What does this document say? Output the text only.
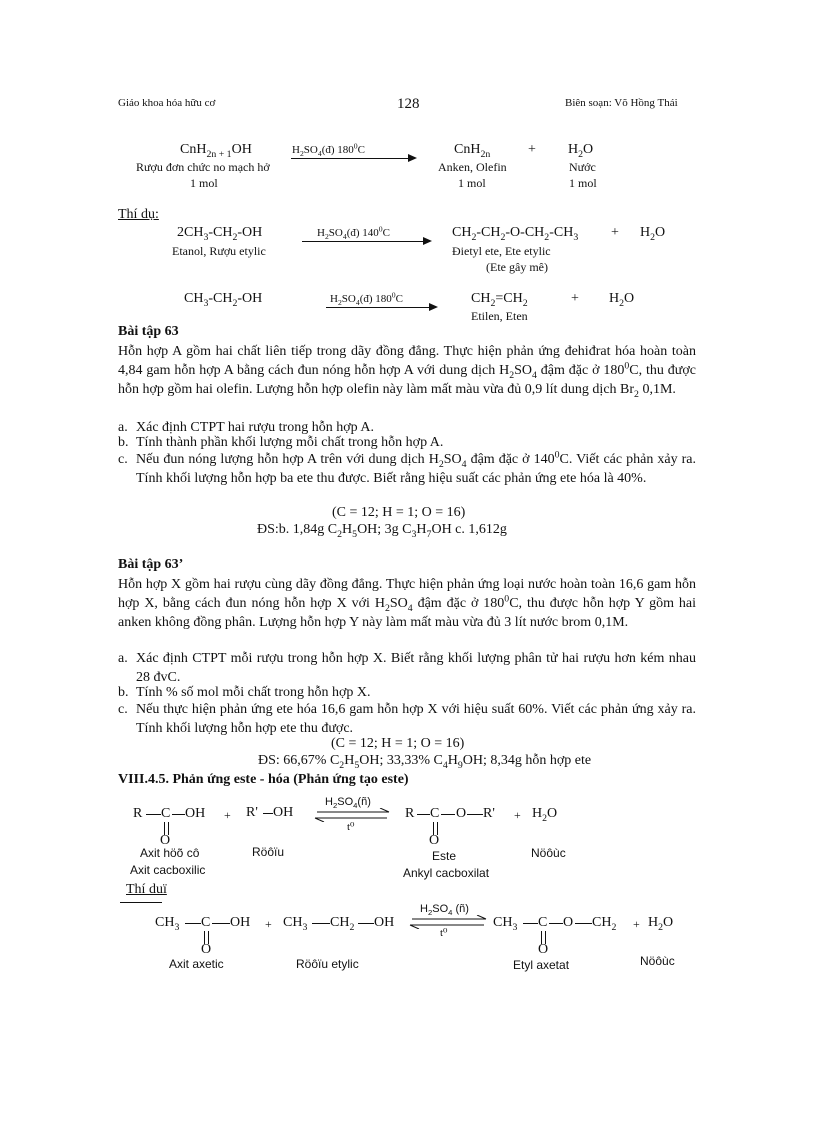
Giáo khoa hóa hữu cơ	128	Biên soạn: Võ Hồng Thái
CnH$_{2n + 1}$OH
Rượu đơn chức no mạch hở
1 mol
$H_2SO_4(đ)$ $180^0C$	CnH$_{2n}$
Anken, Olefin
1 mol
+ $H_2O$
Nước
1 mol
Thí dụ:
$2CH_3-CH_2-OH$
Etanol, Rượu etylic
$H_2SO_4(đ)$ $140^0C$	$CH_2-CH_2-O-CH_2-CH_3$
Đietyl ete, Ete etylic
(Ete gây mê)
+ $H_2O$
$CH_3-CH_2-OH$	$H_2SO_4(đ)$ $180^0C$	$CH_2=CH_2$
Etilen, Eten
+ $H_2O$
Bài tập 63
Hỗn hợp A gồm hai chất liên tiếp trong dãy đồng đẳng. Thực hiện phản ứng đehiđrat hóa hoàn toàn 4,84 gam hỗn hợp A bằng cách đun nóng hỗn hợp A với dung dịch $H_2SO_4$ đậm đặc ở $180^0C$, thu được hỗn hợp gồm hai olefin. Lượng hỗn hợp olefin này làm mất màu vừa đủ 0,9 lít dung dịch $Br_2$ 0,1M.
a. Xác định CTPT hai rượu trong hỗn hợp A.
b. Tính thành phần khối lượng mỗi chất trong hỗn hợp A.
c. Nếu đun nóng lượng hỗn hợp A trên với dung dịch $H_2SO_4$ đậm đặc ở $140^0C$. Viết các phản xảy ra. Tính khối lượng hỗn hợp ba ete thu được. Biết rằng hiệu suất các phản ứng ete hóa là 40%.
(C = 12; H = 1; O = 16)
ĐS:b. 1,84g $C_2H_5OH$; 3g $C_3H_7OH$ c. 1,612g
Bài tập 63’
Hỗn hợp X gồm hai rượu cùng dãy đồng đẳng. Thực hiện phản ứng loại nước hoàn toàn 16,6 gam hỗn hợp X, bằng cách đun nóng hỗn hợp X với $H_2SO_4$ đậm đặc ở $180^0C$, thu được hỗn hợp Y gồm hai anken không đồng phân. Lượng hỗn hợp Y này làm mất màu vừa đủ 3 lít nước brom 0,1M.
a. Xác định CTPT mỗi rượu trong hỗn hợp X. Biết rằng khối lượng phân tử hai rượu hơn kém nhau 28 đvC.
b. Tính % số mol mỗi chất trong hỗn hợp X.
c. Nếu thực hiện phản ứng ete hóa 16,6 gam hỗn hợp X với hiệu suất 60%. Viết các phản ứng xảy ra. Tính khối lượng hỗn hợp ete thu được.
(C = 12; H = 1; O = 16)
ĐS: 66,67% $C_2H_5OH$; 33,33% $C_4H_9OH$; 8,34g hỗn hợp ete
VIII.4.5. Phản ứng este - hóa (Phản ứng tạo este)
R C OH
O
+ R' OH
$H_2SO_4(ñ)$
t⁰
R C O R'
O
+ $H_2O$
Axit höõ cô
Axit cacboxilic
Röôïu	Este
Ankyl cacboxilat
Nöôùc
Thí duï
$CH_3$ C OH
O
+ $CH_3$ $CH_2$ OH
$H_2SO_4$ (ñ)
t⁰
$CH_3$ C O $CH_2$
O
+ $H_2O$
Axit axetic	Röôïu etylic	Etyl axetat	Nöôùc
